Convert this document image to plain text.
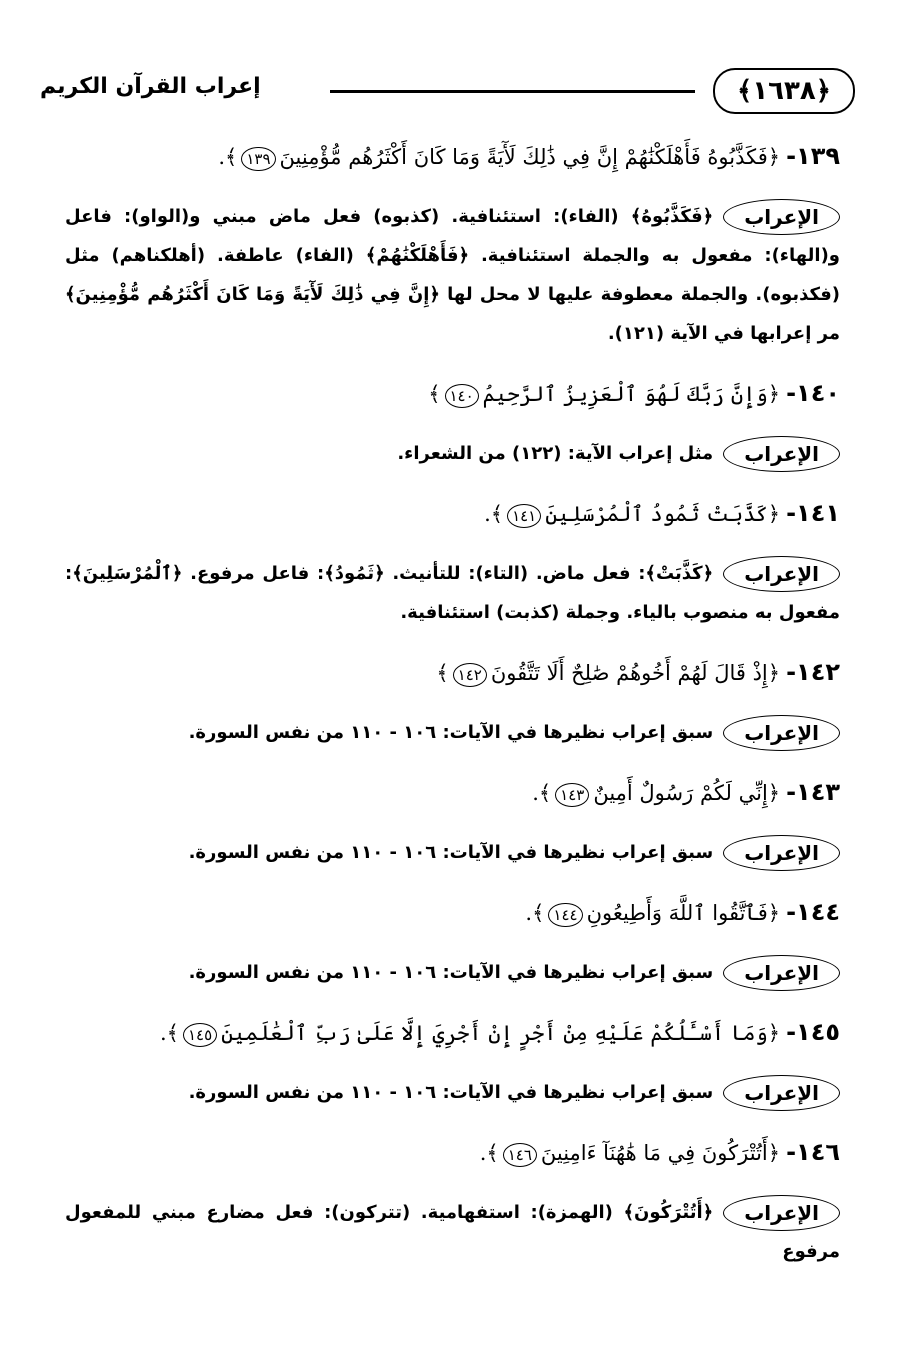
﴿١٦٣٨﴾
إعراب القرآن الكريم

١٣٩-﴿فَكَذَّبُوهُ فَأَهْلَكْنَٰهُمْ إِنَّ فِي ذَٰلِكَ لَأٓيَةً وَمَا كَانَ أَكْثَرُهُم مُّؤْمِنِينَ١٣٩﴾.

الإعراب﴿فَكَذَّبُوهُ﴾ (الفاء): استئنافية. (كذبوه) فعل ماض مبني و(الواو): فاعل و(الهاء): مفعول به والجملة استئنافية. ﴿فَأَهْلَكْنَٰهُمْ﴾ (الفاء) عاطفة. (أهلكناهم) مثل (فكذبوه). والجملة معطوفة عليها لا محل لها ﴿إِنَّ فِي ذَٰلِكَ لَأٓيَةً وَمَا كَانَ أَكْثَرُهُم مُّؤْمِنِينَ﴾ مر إعرابها في الآية (١٢١).

١٤٠-﴿وَإِنَّ رَبَّكَ لَهُوَ ٱلْعَزِيزُ ٱلرَّحِيمُ١٤٠﴾

الإعرابمثل إعراب الآية: (١٢٢) من الشعراء.

١٤١-﴿كَذَّبَتْ ثَمُودُ ٱلْمُرْسَلِينَ١٤١﴾.

الإعراب﴿كَذَّبَتْ﴾: فعل ماض. (التاء): للتأنيث. ﴿ثَمُودُ﴾: فاعل مرفوع. ﴿ٱلْمُرْسَلِينَ﴾: مفعول به منصوب بالياء. وجملة (كذبت) استئنافية.

١٤٢-﴿إِذْ قَالَ لَهُمْ أَخُوهُمْ صَٰلِحٌ أَلَا تَتَّقُونَ١٤٢﴾

الإعرابسبق إعراب نظيرها في الآيات: ١٠٦ - ١١٠ من نفس السورة.

١٤٣-﴿إِنِّي لَكُمْ رَسُولٌ أَمِينٌ١٤٣﴾.

الإعرابسبق إعراب نظيرها في الآيات: ١٠٦ - ١١٠ من نفس السورة.

١٤٤-﴿فَٱتَّقُوا ٱللَّهَ وَأَطِيعُونِ١٤٤﴾.

الإعرابسبق إعراب نظيرها في الآيات: ١٠٦ - ١١٠ من نفس السورة.

١٤٥-﴿وَمَا أَسْـَٔلُكُمْ عَلَيْهِ مِنْ أَجْرٍ إِنْ أَجْرِيَ إِلَّا عَلَىٰ رَبِّ ٱلْعَٰلَمِينَ١٤٥﴾.

الإعرابسبق إعراب نظيرها في الآيات: ١٠٦ - ١١٠ من نفس السورة.

١٤٦-﴿أَتُتْرَكُونَ فِي مَا هَٰهُنَآ ءَامِنِينَ١٤٦﴾.

الإعراب﴿أَتُتْرَكُونَ﴾ (الهمزة): استفهامية. (تتركون): فعل مضارع مبني للمفعول مرفوع
